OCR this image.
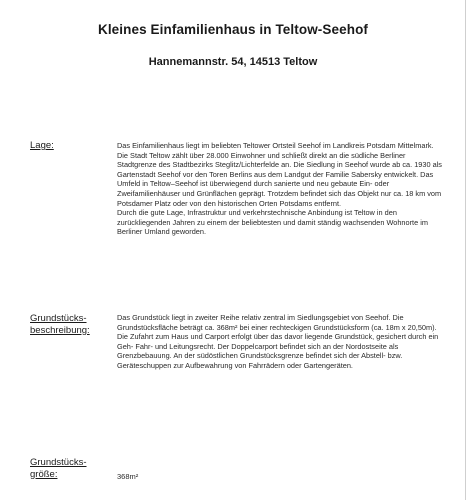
Kleines Einfamilienhaus in Teltow-Seehof
Hannemannstr. 54, 14513 Teltow
Lage:	Das Einfamilienhaus liegt im beliebten Teltower Ortsteil Seehof im Landkreis Potsdam Mittelmark. Die Stadt Teltow zählt über 28.000 Einwohner und schließt direkt an die südliche Berliner Stadtgrenze des Stadtbezirks Steglitz/Lichterfelde an. Die Siedlung in Seehof wurde ab ca. 1930 als Gartenstadt Seehof vor den Toren Berlins aus dem Landgut der Familie Sabersky entwickelt. Das Umfeld in Teltow–Seehof ist überwiegend durch sanierte und neu gebaute Ein- oder Zweifamilienhäuser und Grünflächen geprägt. Trotzdem befindet sich das Objekt nur ca. 18 km vom Potsdamer Platz oder von den historischen Orten Potsdams entfernt.

Durch die gute Lage, Infrastruktur und verkehrstechnische Anbindung ist Teltow in den zurückliegenden Jahren zu einem der beliebtesten und damit ständig wachsenden Wohnorte im Berliner Umland geworden.

Grundstücks-
beschreibung:

Das Grundstück liegt in zweiter Reihe relativ zentral im Siedlungsgebiet von Seehof. Die Grundstücksfläche beträgt ca. 368m² bei einer rechteckigen Grundstücksform (ca. 18m x 20,50m). Die Zufahrt zum Haus und Carport erfolgt über das davor liegende Grundstück, gesichert durch ein Geh- Fahr- und Leitungsrecht. Der Doppelcarport befindet sich an der Nordostseite als Grenzbebauung. An der südöstlichen Grundstücksgrenze befindet sich der Abstell- bzw. Geräteschuppen zur Aufbewahrung von Fahrrädern oder Gartengeräten.

Grundstücks-
größe:	368m²
